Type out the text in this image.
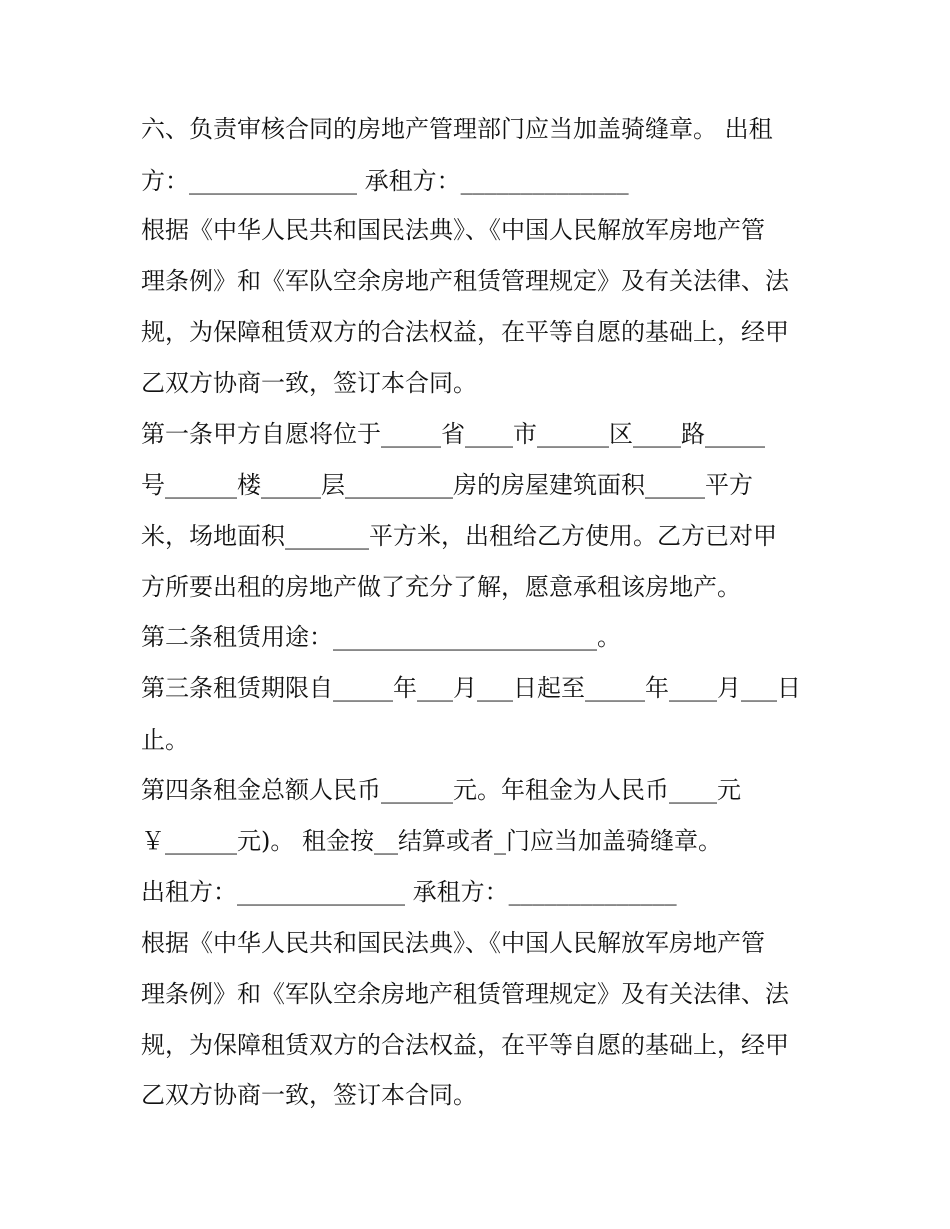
六、负责审核合同的房地产管理部门应当加盖骑缝章。 出租
方：______________ 承租方：______________
根据《中华人民共和国民法典》、《中国人民解放军房地产管
理条例》和《军队空余房地产租赁管理规定》及有关法律、法
规，为保障租赁双方的合法权益，在平等自愿的基础上，经甲
乙双方协商一致，签订本合同。
第一条甲方自愿将位于_____省____市______区____路_____
号______楼_____层_________房的房屋建筑面积_____平方
米，场地面积_______平方米，出租给乙方使用。乙方已对甲
方所要出租的房地产做了充分了解，愿意承租该房地产。
第二条租赁用途：______________________。
第三条租赁期限自_____年___月___日起至_____年____月___日
止。
第四条租金总额人民币______元。年租金为人民币____元
￥______元)。 租金按__结算或者_门应当加盖骑缝章。
出租方：______________ 承租方：______________
根据《中华人民共和国民法典》、《中国人民解放军房地产管
理条例》和《军队空余房地产租赁管理规定》及有关法律、法
规，为保障租赁双方的合法权益，在平等自愿的基础上，经甲
乙双方协商一致，签订本合同。
